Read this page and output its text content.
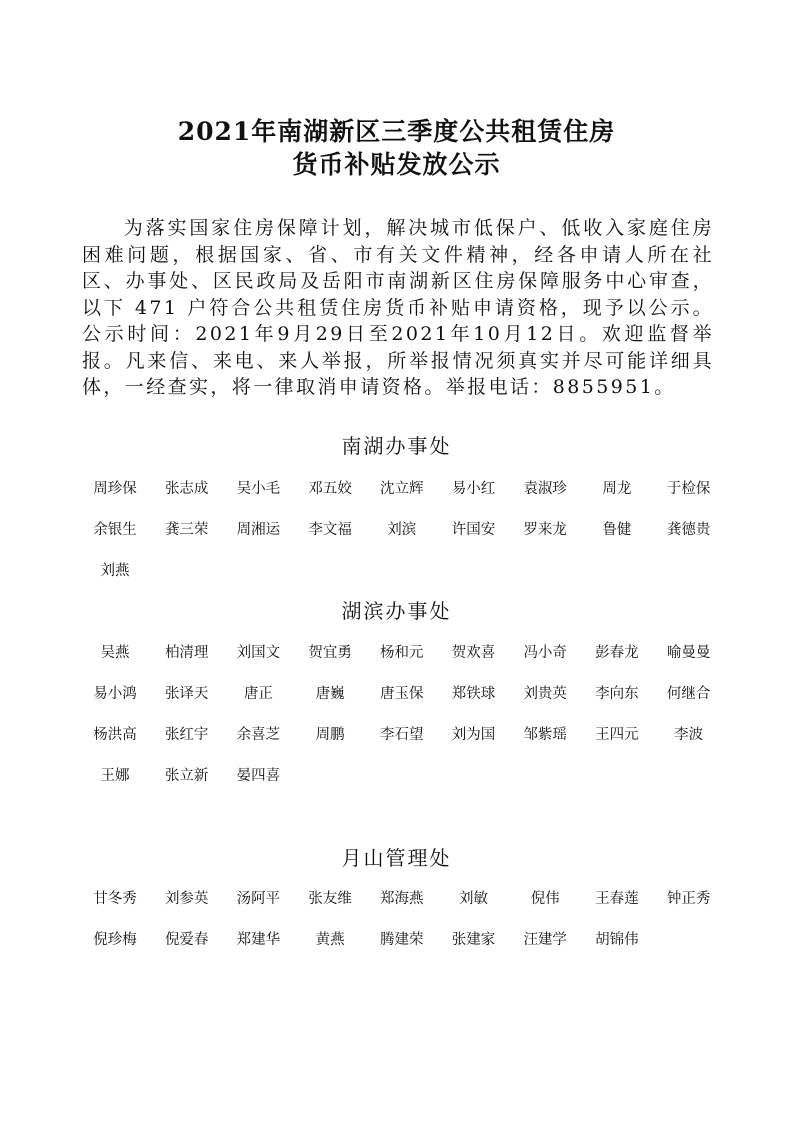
2021年南湖新区三季度公共租赁住房
货币补贴发放公示
为落实国家住房保障计划，解决城市低保户、低收入家庭住房困难问题，根据国家、省、市有关文件精神，经各申请人所在社区、办事处、区民政局及岳阳市南湖新区住房保障服务中心审查，以下 471 户符合公共租赁住房货币补贴申请资格，现予以公示。公示时间：2021年9月29日至2021年10月12日。欢迎监督举报。凡来信、来电、来人举报，所举报情况须真实并尽可能详细具体，一经查实，将一律取消申请资格。举报电话：8855951。
南湖办事处
周珍保	张志成	吴小毛	邓五姣	沈立辉	易小红	袁淑珍	周龙	于检保
余银生	龚三荣	周湘运	李文福	刘滨	许国安	罗来龙	鲁健	龚德贵
刘燕
湖滨办事处
吴燕	柏清理	刘国文	贺宜勇	杨和元	贺欢喜	冯小奇	彭春龙	喻曼曼
易小鸿	张译天	唐正	唐巍	唐玉保	郑铁球	刘贵英	李向东	何继合
杨洪高	张红宇	余喜芝	周鹏	李石望	刘为国	邹紫瑶	王四元	李波
王娜	张立新	晏四喜
月山管理处
甘冬秀	刘参英	汤阿平	张友维	郑海燕	刘敏	倪伟	王春莲	钟正秀
倪珍梅	倪爱春	郑建华	黄燕	腾建荣	张建家	汪建学	胡锦伟
